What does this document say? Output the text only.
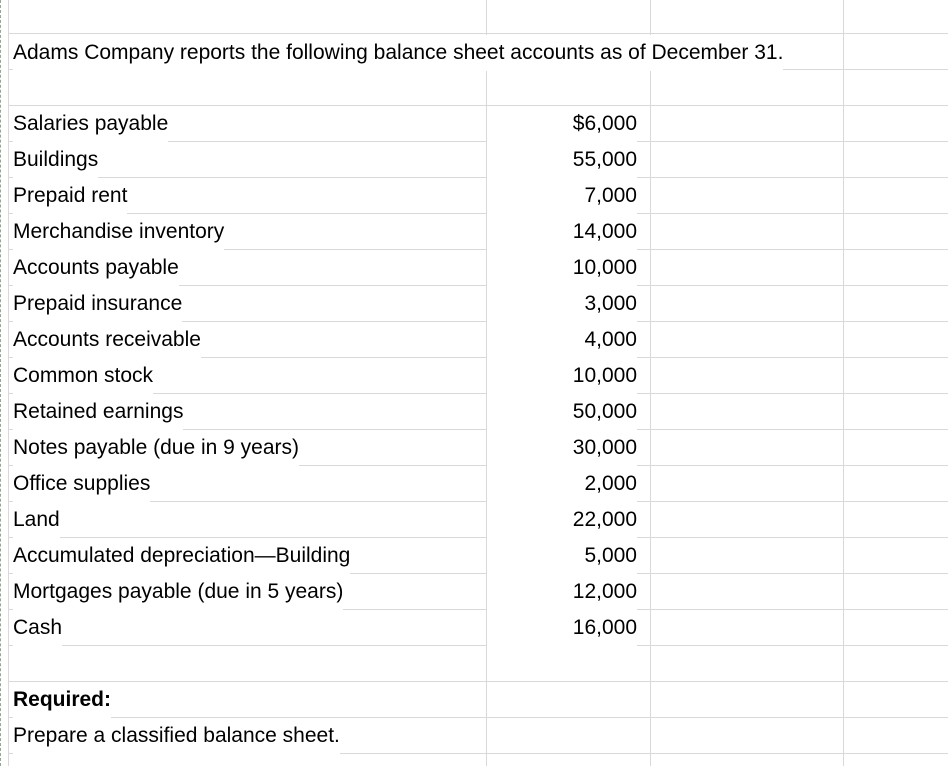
Adams Company reports the following balance sheet accounts as of December 31.
Salaries payable	$6,000
Buildings	55,000
Prepaid rent	7,000
Merchandise inventory	14,000
Accounts payable	10,000
Prepaid insurance	3,000
Accounts receivable	4,000
Common stock	10,000
Retained earnings	50,000
Notes payable (due in 9 years)	30,000
Office supplies	2,000
Land	22,000
Accumulated depreciation—Building	5,000
Mortgages payable (due in 5 years)	12,000
Cash	16,000
Required:
Prepare a classified balance sheet.
